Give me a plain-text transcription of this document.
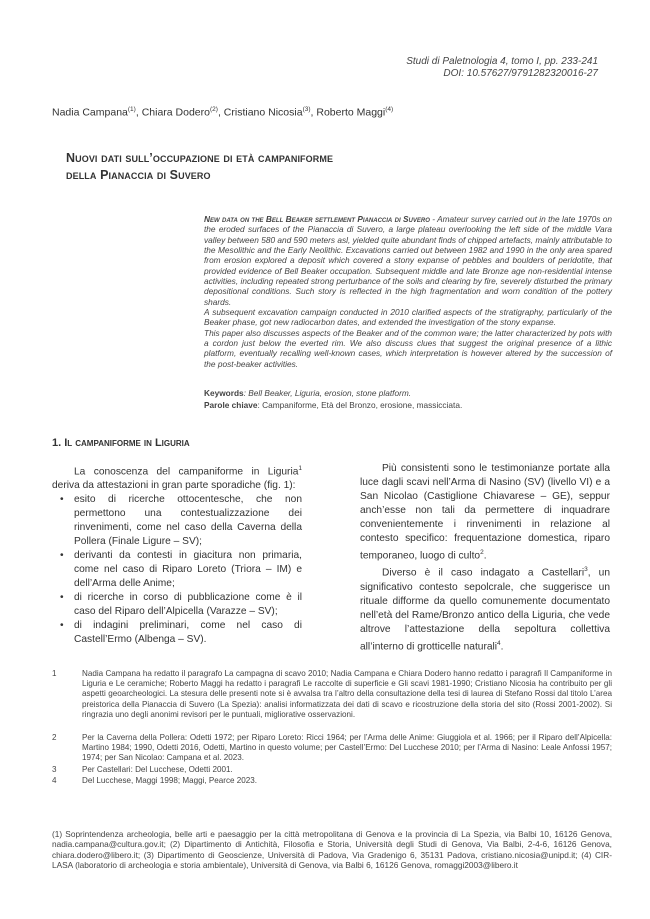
Studi di Paletnologia 4, tomo I, pp. 233-241
DOI: 10.57627/9791282320016-27
Nadia Campana$^{(1)}$, Chiara Dodero$^{(2)}$, Cristiano Nicosia$^{(3)}$, Roberto Maggi$^{(4)}$
Nuovi dati sull’occupazione di età campaniforme
della Pianaccia di Suvero

New data on the Bell Beaker settlement Pianaccia di Suvero - Amateur survey carried out in the late 1970s on the eroded surfaces of the Pianaccia di Suvero, a large plateau overlooking the left side of the middle Vara valley between 580 and 590 meters asl, yielded quite abundant finds of chipped artefacts, mainly attributable to the Mesolithic and the Early Neolithic. Excavations carried out between 1982 and 1990 in the only area spared from erosion explored a deposit which covered a stony expanse of pebbles and boulders of peridotite, that provided evidence of Bell Beaker occupation. Subsequent middle and late Bronze age non-residential intense activities, including repeated strong perturbance of the soils and clearing by fire, severely disturbed the primary depositional conditions. Such story is reflected in the high fragmentation and worn condition of the pottery shards.

A subsequent excavation campaign conducted in 2010 clarified aspects of the stratigraphy, particularly of the Beaker phase, got new radiocarbon dates, and extended the investigation of the stony expanse.

This paper also discusses aspects of the Beaker and of the common ware; the latter characterized by pots with a cordon just below the everted rim. We also discuss clues that suggest the original presence of a lithic platform, eventually recalling well-known cases, which interpretation is however altered by the succession of the post-beaker activities.

Keywords: Bell Beaker, Liguria, erosion, stone platform.
Parole chiave: Campaniforme, Età del Bronzo, erosione, massicciata.
1. Il campaniforme in Liguria

La conoscenza del campaniforme in Liguria$^1$ deriva da attestazioni in gran parte sporadiche (fig. 1):

• esito di ricerche ottocentesche, che non permettono una contestualizzazione dei rinvenimenti, come nel caso della Caverna della Pollera (Finale Ligure – SV);

• derivanti da contesti in giacitura non primaria, come nel caso di Riparo Loreto (Triora – IM) e dell’Arma delle Anime;

• di ricerche in corso di pubblicazione come è il caso del Riparo dell’Alpicella (Varazze – SV);

• di indagini preliminari, come nel caso di Castell’Ermo (Albenga – SV).

Più consistenti sono le testimonianze portate alla luce dagli scavi nell’Arma di Nasino (SV) (livello VI) e a San Nicolao (Castiglione Chiavarese – GE), seppur anch’esse non tali da permettere di inquadrare convenientemente i rinvenimenti in relazione al contesto specifico: frequentazione domestica, riparo temporaneo, luogo di culto$^2$.

Diverso è il caso indagato a Castellari$^3$, un significativo contesto sepolcrale, che suggerisce un rituale difforme da quello comunemente documentato nell’età del Rame/Bronzo antico della Liguria, che vede altrove l’attestazione della sepoltura collettiva all’interno di grotticelle naturali$^4$.

1	Nadia Campana ha redatto il paragrafo La campagna di scavo 2010; Nadia Campana e Chiara Dodero hanno redatto i paragrafi Il Campaniforme in Liguria e Le ceramiche; Roberto Maggi ha redatto i paragrafi Le raccolte di superficie e Gli scavi 1981-1990; Cristiano Nicosia ha contribuito per gli aspetti geoarcheologici. La stesura delle presenti note si è avvalsa tra l’altro della consultazione della tesi di laurea di Stefano Rossi dal titolo L’area preistorica della Pianaccia di Suvero (La Spezia): analisi informatizzata dei dati di scavo e ricostruzione della storia del sito (Rossi 2001-2002). Si ringrazia uno degli anonimi revisori per le puntuali, migliorative osservazioni.
2	Per la Caverna della Pollera: Odetti 1972; per Riparo Loreto: Ricci 1964; per l’Arma delle Anime: Giuggiola et al. 1966; per il Riparo dell’Alpicella: Martino 1984; 1990, Odetti 2016, Odetti, Martino in questo volume; per Castell’Ermo: Del Lucchese 2010; per l’Arma di Nasino: Leale Anfossi 1957; 1974; per San Nicolao: Campana et al. 2023.
3	Per Castellari: Del Lucchese, Odetti 2001.
4	Del Lucchese, Maggi 1998; Maggi, Pearce 2023.
(1) Soprintendenza archeologia, belle arti e paesaggio per la città metropolitana di Genova e la provincia di La Spezia, via Balbi 10, 16126 Genova, nadia.campana@cultura.gov.it; (2) Dipartimento di Antichità, Filosofia e Storia, Università degli Studi di Genova, Via Balbi, 2-4-6, 16126 Genova, chiara.dodero@libero.it; (3) Dipartimento di Geoscienze, Università di Padova, Via Gradenigo 6, 35131 Padova, cristiano.nicosia@unipd.it; (4) CIR-LASA (laboratorio di archeologia e storia ambientale), Università di Genova, via Balbi 6, 16126 Genova, romaggi2003@libero.it
